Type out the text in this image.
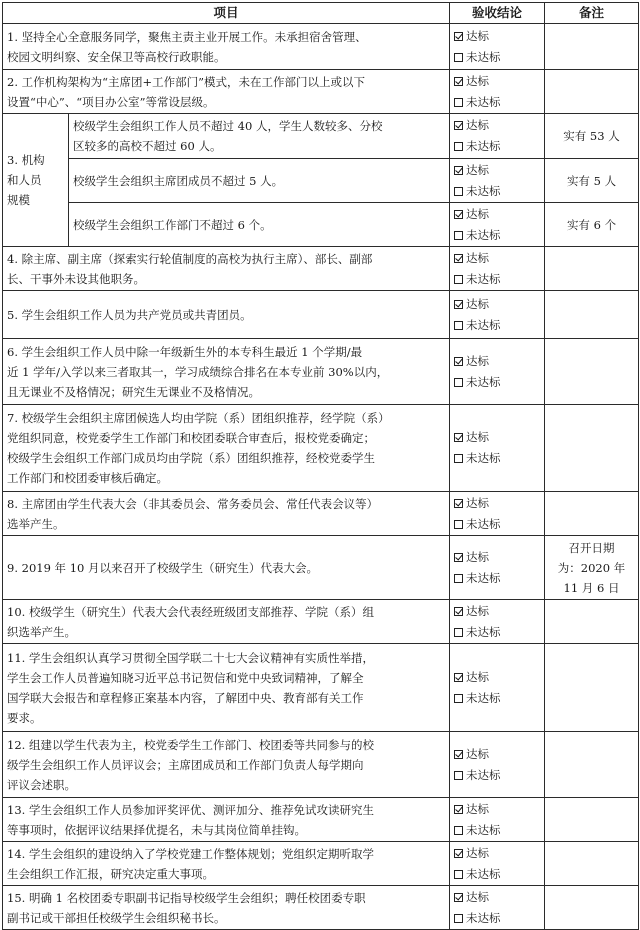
项目		验收结论	备注
1. 坚持全心全意服务同学，聚焦主责主业开展工作。未承担宿舍管理、
校园文明纠察、安全保卫等高校行政职能。		达标
未达标	

2. 工作机构架构为“主席团+工作部门”模式，未在工作部门以上或以下
设置“中心”、“项目办公室”等常设层级。		达标
未达标	

3. 机构
和人员
规模	校级学生会组织工作人员不超过 40 人，学生人数较多、分校
区较多的高校不超过 60 人。	达标
未达标	实有 53 人

	校级学生会组织主席团成员不超过 5 人。	达标
未达标	实有 5 人

	校级学生会组织工作部门不超过 6 个。	达标
未达标	实有 6 个

4. 除主席、副主席（探索实行轮值制度的高校为执行主席）、部长、副部
长、干事外未设其他职务。		达标
未达标	

5. 学生会组织工作人员为共产党员或共青团员。		达标
未达标	

6. 学生会组织工作人员中除一年级新生外的本专科生最近 1 个学期/最
近 1 学年/入学以来三者取其一，学习成绩综合排名在本专业前 30%以内，
且无课业不及格情况；研究生无课业不及格情况。		达标
未达标	

7. 校级学生会组织主席团候选人均由学院（系）团组织推荐，经学院（系）
党组织同意，校党委学生工作部门和校团委联合审查后，报校党委确定；
校级学生会组织工作部门成员均由学院（系）团组织推荐，经校党委学生
工作部门和校团委审核后确定。		达标
未达标	

8. 主席团由学生代表大会（非其委员会、常务委员会、常任代表会议等）
选举产生。		达标
未达标	

9. 2019 年 10 月以来召开了校级学生（研究生）代表大会。		达标
未达标	召开日期
为：2020 年
11 月 6 日

10. 校级学生（研究生）代表大会代表经班级团支部推荐、学院（系）组
织选举产生。		达标
未达标	

11. 学生会组织认真学习贯彻全国学联二十七大会议精神有实质性举措，
学生会工作人员普遍知晓习近平总书记贺信和党中央致词精神，了解全
国学联大会报告和章程修正案基本内容，了解团中央、教育部有关工作
要求。		达标
未达标	

12. 组建以学生代表为主，校党委学生工作部门、校团委等共同参与的校
级学生会组织工作人员评议会；主席团成员和工作部门负责人每学期向
评议会述职。		达标
未达标	

13. 学生会组织工作人员参加评奖评优、测评加分、推荐免试攻读研究生
等事项时，依据评议结果择优提名，未与其岗位简单挂钩。		达标
未达标	

14. 学生会组织的建设纳入了学校党建工作整体规划；党组织定期听取学
生会组织工作汇报，研究决定重大事项。		达标
未达标	

15. 明确 1 名校团委专职副书记指导校级学生会组织；聘任校团委专职
副书记或干部担任校级学生会组织秘书长。		达标
未达标	
